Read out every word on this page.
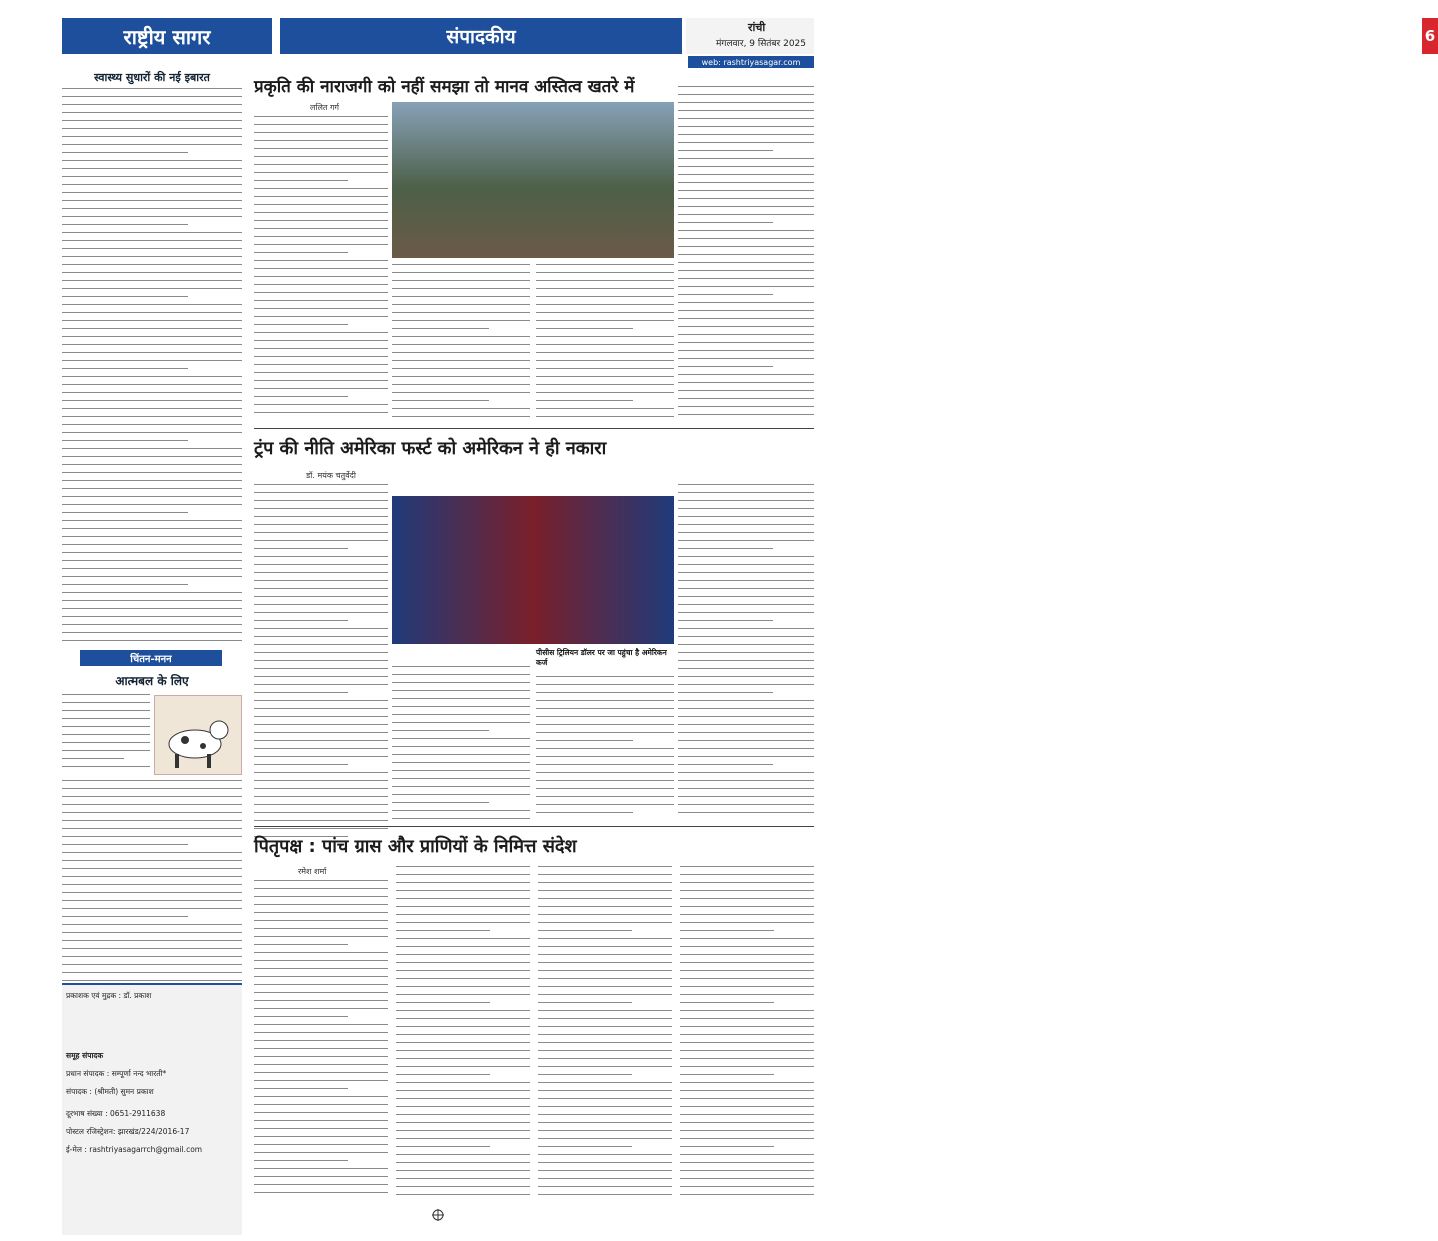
राष्ट्रीय सागर	संपादकीय	रांची
मंगलवार, 9 सितंबर 2025	6
web: rashtriyasagar.com
स्वास्थ्य सुधारों की नई इबारत
चिंतन-मनन
आत्मबल के लिए
प्रकाशक एवं मुद्रक : डॉ. प्रकाश
समूह संपादक
प्रधान संपादक : सम्पूर्णा नन्द भारती*
संपादक : (श्रीमती) सुमन प्रकाश
दूरभाष संख्या : 0651-2911638
पोस्टल रजिस्ट्रेशन: झारखंड/224/2016-17
ई-मेल : rashtriyasagarrch@gmail.com
प्रकृति की नाराजगी को नहीं समझा तो मानव अस्तित्व खतरे में
ललित गर्ग
ट्रंप की नीति अमेरिका फर्स्ट को अमेरिकन ने ही नकारा
डॉ. मयंक चतुर्वेदी
पीसीस ट्रिलियन डॉलर पर जा पहुंचा है अमेरिकन कर्ज
पितृपक्ष : पांच ग्रास और प्राणियों के निमित्त संदेश
रमेश शर्मा
